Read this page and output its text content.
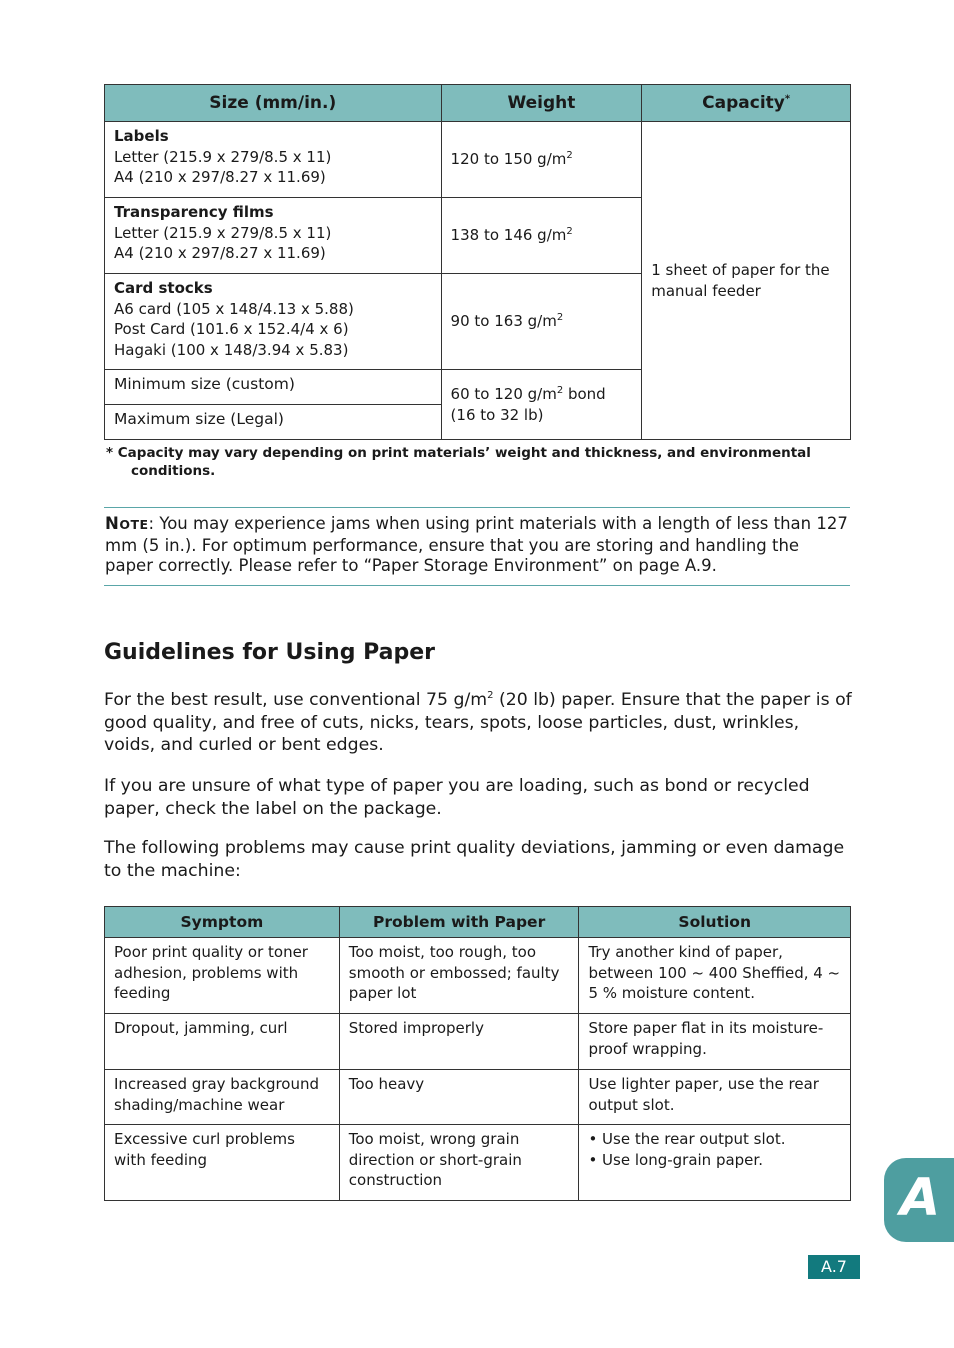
Size (mm/in.)	Weight	Capacity*

Labels
Letter (215.9 x 279/8.5 x 11)
A4 (210 x 297/8.27 x 11.69)	120 to 150 $g/m^2$	1 sheet of paper for the manual feeder

Transparency films
Letter (215.9 x 279/8.5 x 11)
A4 (210 x 297/8.27 x 11.69)	138 to 146 $g/m^2$

Card stocks
A6 card (105 x 148/4.13 x 5.88)
Post Card (101.6 x 152.4/4 x 6)
Hagaki (100 x 148/3.94 x 5.83)	90 to 163 $g/m^2$
Minimum size (custom)	60 to 120 $g/m^2$ bond
(16 to 32 lb)	

Maximum size (Legal)		
* Capacity may vary depending on print materials’ weight and thickness, and environmental
conditions.
NOTE: You may experience jams when using print materials with a length of less than 127 mm (5 in.). For optimum performance, ensure that you are storing and handling the paper correctly. Please refer to “Paper Storage Environment” on page A.9.
Guidelines for Using Paper

For the best result, use conventional 75 $g/m^2$ (20 lb) paper. Ensure that the paper is of good quality, and free of cuts, nicks, tears, spots, loose particles, dust, wrinkles, voids, and curled or bent edges.

If you are unsure of what type of paper you are loading, such as bond or recycled paper, check the label on the package.

The following problems may cause print quality deviations, jamming or even damage to the machine:

Symptom	Problem with Paper	Solution
Poor print quality or toner adhesion, problems with feeding	Too moist, too rough, too smooth or embossed; faulty paper lot	Try another kind of paper, between 100 ~ 400 Sheffied, 4 ~ 5 % moisture content.
Dropout, jamming, curl	Stored improperly	Store paper flat in its moisture-proof wrapping.
Increased gray background shading/machine wear	Too heavy	Use lighter paper, use the rear output slot.
Excessive curl problems with feeding	Too moist, wrong grain direction or short-grain construction	• Use the rear output slot.
• Use long-grain paper.
A
A.7
